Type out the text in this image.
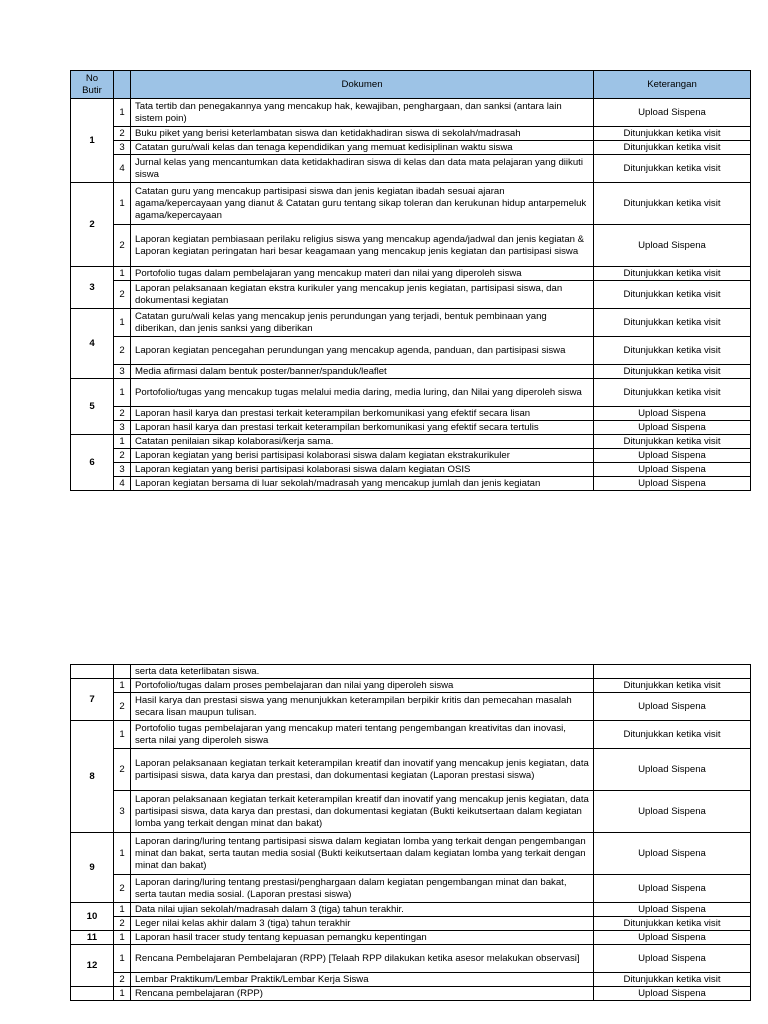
No Butir		Dokumen	Keterangan
1	1	Tata tertib dan penegakannya yang mencakup hak, kewajiban, penghargaan, dan sanksi (antara lain sistem poin)	Upload Sispena
	2	Buku piket yang berisi keterlambatan siswa dan ketidakhadiran siswa di sekolah/madrasah	Ditunjukkan ketika visit
	3	Catatan guru/wali kelas dan tenaga kependidikan yang memuat kedisiplinan waktu siswa	Ditunjukkan ketika visit
	4	Jurnal kelas yang mencantumkan data ketidakhadiran siswa di kelas dan data mata pelajaran yang diikuti siswa	Ditunjukkan ketika visit
2	1	Catatan guru yang mencakup partisipasi siswa dan jenis kegiatan ibadah sesuai ajaran agama/kepercayaan yang dianut & Catatan guru tentang sikap toleran dan kerukunan hidup antarpemeluk agama/kepercayaan	Ditunjukkan ketika visit
	2	Laporan kegiatan pembiasaan perilaku religius siswa yang mencakup agenda/jadwal dan jenis kegiatan & Laporan kegiatan peringatan hari besar keagamaan yang mencakup jenis kegiatan dan partisipasi siswa	Upload Sispena
3	1	Portofolio tugas dalam pembelajaran yang mencakup materi dan nilai yang diperoleh siswa	Ditunjukkan ketika visit
	2	Laporan pelaksanaan kegiatan ekstra kurikuler yang mencakup jenis kegiatan, partisipasi siswa, dan dokumentasi kegiatan	Ditunjukkan ketika visit
4	1	Catatan guru/wali kelas yang mencakup jenis perundungan yang terjadi, bentuk pembinaan yang diberikan, dan jenis sanksi yang diberikan	Ditunjukkan ketika visit
	2	Laporan kegiatan pencegahan perundungan yang mencakup agenda, panduan, dan partisipasi siswa	Ditunjukkan ketika visit
	3	Media afirmasi dalam bentuk poster/banner/spanduk/leaflet	Ditunjukkan ketika visit
5	1	Portofolio/tugas yang mencakup tugas melalui media daring, media luring, dan Nilai yang diperoleh siswa	Ditunjukkan ketika visit
	2	Laporan hasil karya dan prestasi terkait keterampilan berkomunikasi yang efektif secara lisan	Upload Sispena
	3	Laporan hasil karya dan prestasi terkait keterampilan berkomunikasi yang efektif secara tertulis	Upload Sispena
6	1	Catatan penilaian sikap kolaborasi/kerja sama.	Ditunjukkan ketika visit
	2	Laporan kegiatan yang berisi partisipasi kolaborasi siswa dalam kegiatan ekstrakurikuler	Upload Sispena
	3	Laporan kegiatan yang berisi partisipasi kolaborasi siswa dalam kegiatan OSIS	Upload Sispena
	4	Laporan kegiatan bersama di luar sekolah/madrasah yang mencakup jumlah dan jenis kegiatan	Upload Sispena
		serta data keterlibatan siswa.	
7	1	Portofolio/tugas dalam proses pembelajaran dan nilai yang diperoleh siswa	Ditunjukkan ketika visit
	2	Hasil karya dan prestasi siswa yang menunjukkan keterampilan berpikir kritis dan pemecahan masalah secara lisan maupun tulisan.	Upload Sispena
8	1	Portofolio tugas pembelajaran yang mencakup materi tentang pengembangan kreativitas dan inovasi, serta nilai yang diperoleh siswa	Ditunjukkan ketika visit
	2	Laporan pelaksanaan kegiatan terkait keterampilan kreatif dan inovatif yang mencakup jenis kegiatan, data partisipasi siswa, data karya dan prestasi, dan dokumentasi kegiatan (Laporan prestasi siswa)	Upload Sispena
	3	Laporan pelaksanaan kegiatan terkait keterampilan kreatif dan inovatif yang mencakup jenis kegiatan, data partisipasi siswa, data karya dan prestasi, dan dokumentasi kegiatan (Bukti keikutsertaan dalam kegiatan lomba yang terkait dengan minat dan bakat)	Upload Sispena
9	1	Laporan daring/luring tentang partisipasi siswa dalam kegiatan lomba yang terkait dengan pengembangan minat dan bakat, serta tautan media sosial (Bukti keikutsertaan dalam kegiatan lomba yang terkait dengan minat dan bakat)	Upload Sispena
	2	Laporan daring/luring tentang prestasi/penghargaan dalam kegiatan pengembangan minat dan bakat, serta tautan media sosial. (Laporan prestasi siswa)	Upload Sispena
10	1	Data nilai ujian sekolah/madrasah dalam 3 (tiga) tahun terakhir.	Upload Sispena
	2	Leger nilai kelas akhir dalam 3 (tiga) tahun terakhir	Ditunjukkan ketika visit
11	1	Laporan hasil tracer study tentang kepuasan pemangku kepentingan	Upload Sispena
12	1	Rencana Pembelajaran Pembelajaran (RPP) [Telaah RPP dilakukan ketika asesor melakukan observasi]	Upload Sispena
	2	Lembar Praktikum/Lembar Praktik/Lembar Kerja Siswa	Ditunjukkan ketika visit
	1	Rencana pembelajaran (RPP)	Upload Sispena
